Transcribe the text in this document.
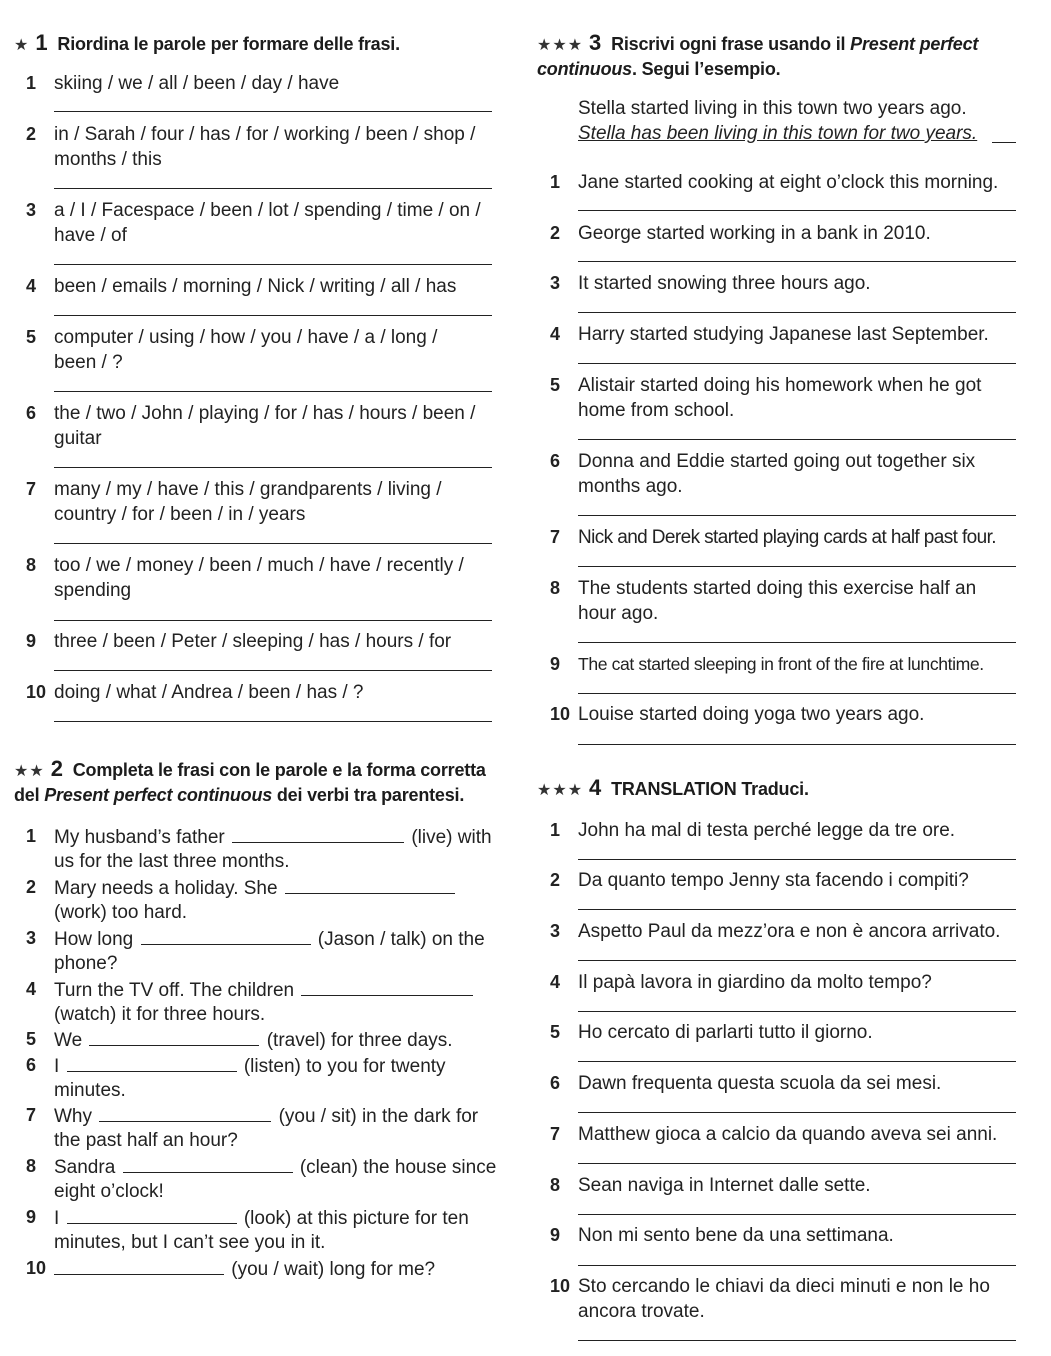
★ 1 Riordina le parole per formare delle frasi.
1 skiing / we / all / been / day / have
2 in / Sarah / four / has / for / working / been / shop /
months / this
3 a / I / Facespace / been / lot / spending / time / on /
have / of
4 been / emails / morning / Nick / writing / all / has
5 computer / using / how / you / have / a / long /
been / ?
6 the / two / John / playing / for / has / hours / been /
guitar
7 many / my / have / this / grandparents / living /
country / for / been / in / years
8 too / we / money / been / much / have / recently /
spending
9 three / been / Peter / sleeping / has / hours / for
10 doing / what / Andrea / been / has / ?
★★ 2 Completa le frasi con le parole e la forma corretta
del Present perfect continuous dei verbi tra parentesi.
1 My husband’s father	(live) with
us for the last three months.
2 Mary needs a holiday. She
(work) too hard.
3 How long	(Jason / talk) on the
phone?
4 Turn the TV off. The children
(watch) it for three hours.
5 We	(travel) for three days.
6 I	(listen) to you for twenty
minutes.
7 Why	(you / sit) in the dark for
the past half an hour?
8 Sandra	(clean) the house since
eight o’clock!
9 I	(look) at this picture for ten
minutes, but I can’t see you in it.
10	(you / wait) long for me?
★★★ 3 Riscrivi ogni frase usando il Present perfect
continuous. Segui l’esempio.
Stella started living in this town two years ago.
Stella has been living in this town for two years.
1 Jane started cooking at eight o’clock this morning.
2 George started working in a bank in 2010.
3 It started snowing three hours ago.
4 Harry started studying Japanese last September.
5 Alistair started doing his homework when he got
home from school.
6 Donna and Eddie started going out together six
months ago.
7 Nick and Derek started playing cards at half past four.
8 The students started doing this exercise half an
hour ago.
9 The cat started sleeping in front of the fire at lunchtime.
10 Louise started doing yoga two years ago.
★★★ 4 TRANSLATION Traduci.
1 John ha mal di testa perché legge da tre ore.
2 Da quanto tempo Jenny sta facendo i compiti?
3 Aspetto Paul da mezz’ora e non è ancora arrivato.
4 Il papà lavora in giardino da molto tempo?
5 Ho cercato di parlarti tutto il giorno.
6 Dawn frequenta questa scuola da sei mesi.
7 Matthew gioca a calcio da quando aveva sei anni.
8 Sean naviga in Internet dalle sette.
9 Non mi sento bene da una settimana.
10 Sto cercando le chiavi da dieci minuti e non le ho
ancora trovate.
